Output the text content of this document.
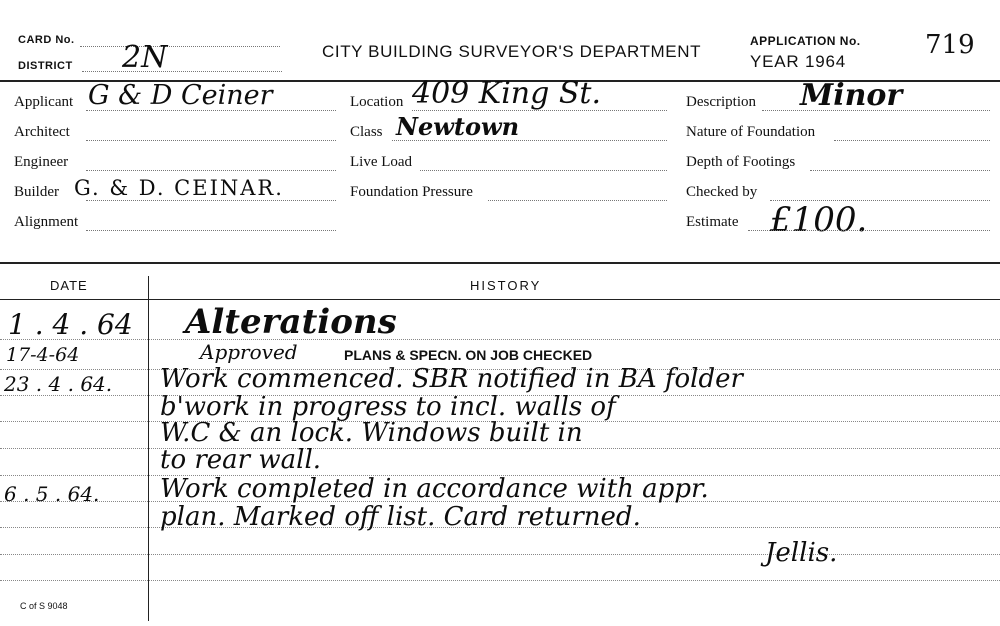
CARD No.
DISTRICT 2N	CITY BUILDING SURVEYOR'S DEPARTMENT
APPLICATION No. 719
YEAR 1964
Applicant G & D Ceiner
Architect
Engineer
Builder G. & D. CEINAR.
Alignment
Location 409 King St.
Class Newtown
Live Load
Foundation Pressure
Description Minor
Nature of Foundation
Depth of Footings
Checked by
Estimate £100.
DATE	HISTORY
1 . 4 . 64 Alterations
17-4-64	Approved	PLANS & SPECN. ON JOB CHECKED
23 . 4 . 64. Work commenced. SBR notified in BA folder
b'work in progress to incl. walls of
W.C & an lock. Windows built in
to rear wall.
6 . 5 . 64. Work completed in accordance with appr.
plan. Marked off list. Card returned.
Jellis.
C of S 9048
